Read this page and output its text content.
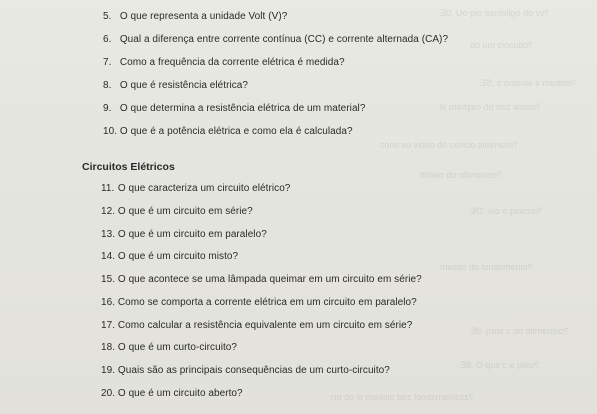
?sv ob ogiloìnse oiq oU .0E
?otiuɔniɔ mu ob
?sbibəm ə sinəmɔ ɔ .SE
?sisnəi zəb ob oàşbəm sl
?snəmiəls oiɔnəɔ ob osbiv ov snoɔ
?oisnəmilɒ ob olənib
?oizsiəq ə oiə .OE
?oinəmsbnol ob sbsəm
?oisnəmilɒ ob ɔ sbɪŋ .dE
?oiəq ə ɔ sup O .8E
?zsɔinəmsbnol zəd oisbəm sl ob oiɔ
5. O que representa a unidade Volt (V)?
6. Qual a diferença entre corrente contínua (CC) e corrente alternada (CA)?
7. Como a frequência da corrente elétrica é medida?
8. O que é resistência elétrica?
9. O que determina a resistência elétrica de um material?
10. O que é a potência elétrica e como ela é calculada?
Circuitos Elétricos
11. O que caracteriza um circuito elétrico?
12. O que é um circuito em série?
13. O que é um circuito em paralelo?
14. O que é um circuito misto?
15. O que acontece se uma lâmpada queimar em um circuito em série?
16. Como se comporta a corrente elétrica em um circuito em paralelo?
17. Como calcular a resistência equivalente em um circuito em série?
18. O que é um curto-circuito?
19. Quais são as principais consequências de um curto-circuito?
20. O que é um circuito aberto?
